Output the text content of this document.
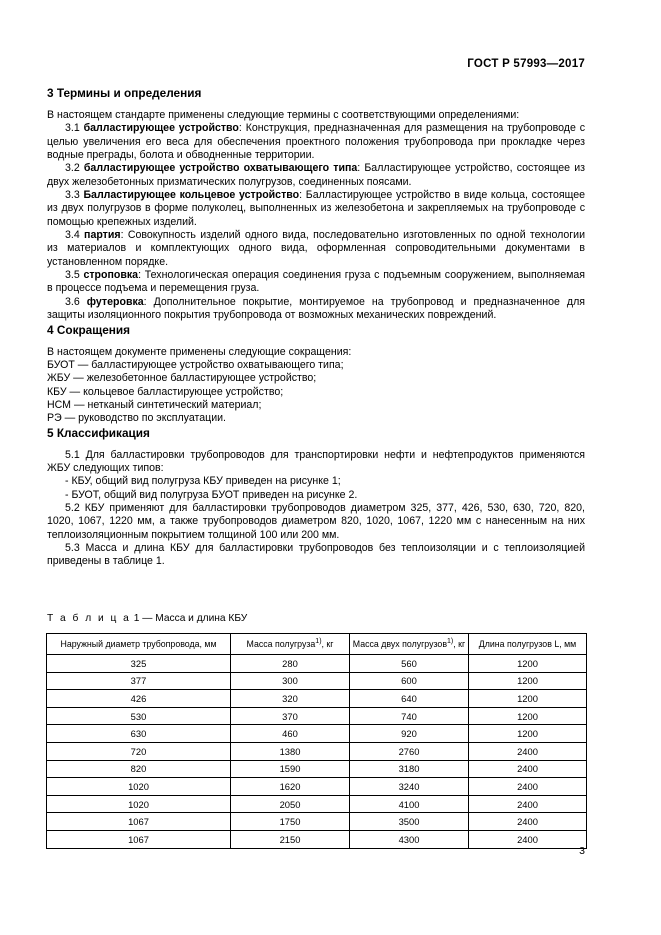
ГОСТ Р 57993—2017
3 Термины и определения

В настоящем стандарте применены следующие термины с соответствующими определениями:

3.1 балластирующее устройство: Конструкция, предназначенная для размещения на трубопроводе с целью увеличения его веса для обеспечения проектного положения трубопровода при прокладке через водные преграды, болота и обводненные территории.

3.2 балластирующее устройство охватывающего типа: Балластирующее устройство, состоящее из двух железобетонных призматических полугрузов, соединенных поясами.

3.3 Балластирующее кольцевое устройство: Балластирующее устройство в виде кольца, состоящее из двух полугрузов в форме полуколец, выполненных из железобетона и закрепляемых на трубопроводе с помощью крепежных изделий.

3.4 партия: Совокупность изделий одного вида, последовательно изготовленных по одной технологии из материалов и комплектующих одного вида, оформленная сопроводительными документами в установленном порядке.

3.5 строповка: Технологическая операция соединения груза с подъемным сооружением, выполняемая в процессе подъема и перемещения груза.

3.6 футеровка: Дополнительное покрытие, монтируемое на трубопровод и предназначенное для защиты изоляционного покрытия трубопровода от возможных механических повреждений.

4 Сокращения
В настоящем документе применены следующие сокращения:
БУОТ — балластирующее устройство охватывающего типа;
ЖБУ — железобетонное балластирующее устройство;
КБУ — кольцевое балластирующее устройство;
НСМ — нетканый синтетический материал;
РЭ — руководство по эксплуатации.
5 Классификация

5.1 Для балластировки трубопроводов для транспортировки нефти и нефтепродуктов применяются ЖБУ следующих типов:

- КБУ, общий вид полугруза КБУ приведен на рисунке 1;
- БУОТ, общий вид полугруза БУОТ приведен на рисунке 2.

5.2 КБУ применяют для балластировки трубопроводов диаметром 325, 377, 426, 530, 630, 720, 820, 1020, 1067, 1220 мм, а также трубопроводов диаметром 820, 1020, 1067, 1220 мм с нанесенным на них теплоизоляционным покрытием толщиной 100 или 200 мм.

5.3 Масса и длина КБУ для балластировки трубопроводов без теплоизоляции и с теплоизоляцией приведены в таблице 1.

Т а б л и ц а 1 — Масса и длина КБУ
Наружный диаметр трубопровода, мм	Масса полугруза$^{1)}$, кг	Масса двух полугрузов$^{1)}$, кг	Длина полугрузов L, мм
325	280	560	1200
377	300	600	1200
426	320	640	1200
530	370	740	1200
630	460	920	1200
720	1380	2760	2400
820	1590	3180	2400
1020	1620	3240	2400
1020	2050	4100	2400
1067	1750	3500	2400
1067	2150	4300	2400
3
